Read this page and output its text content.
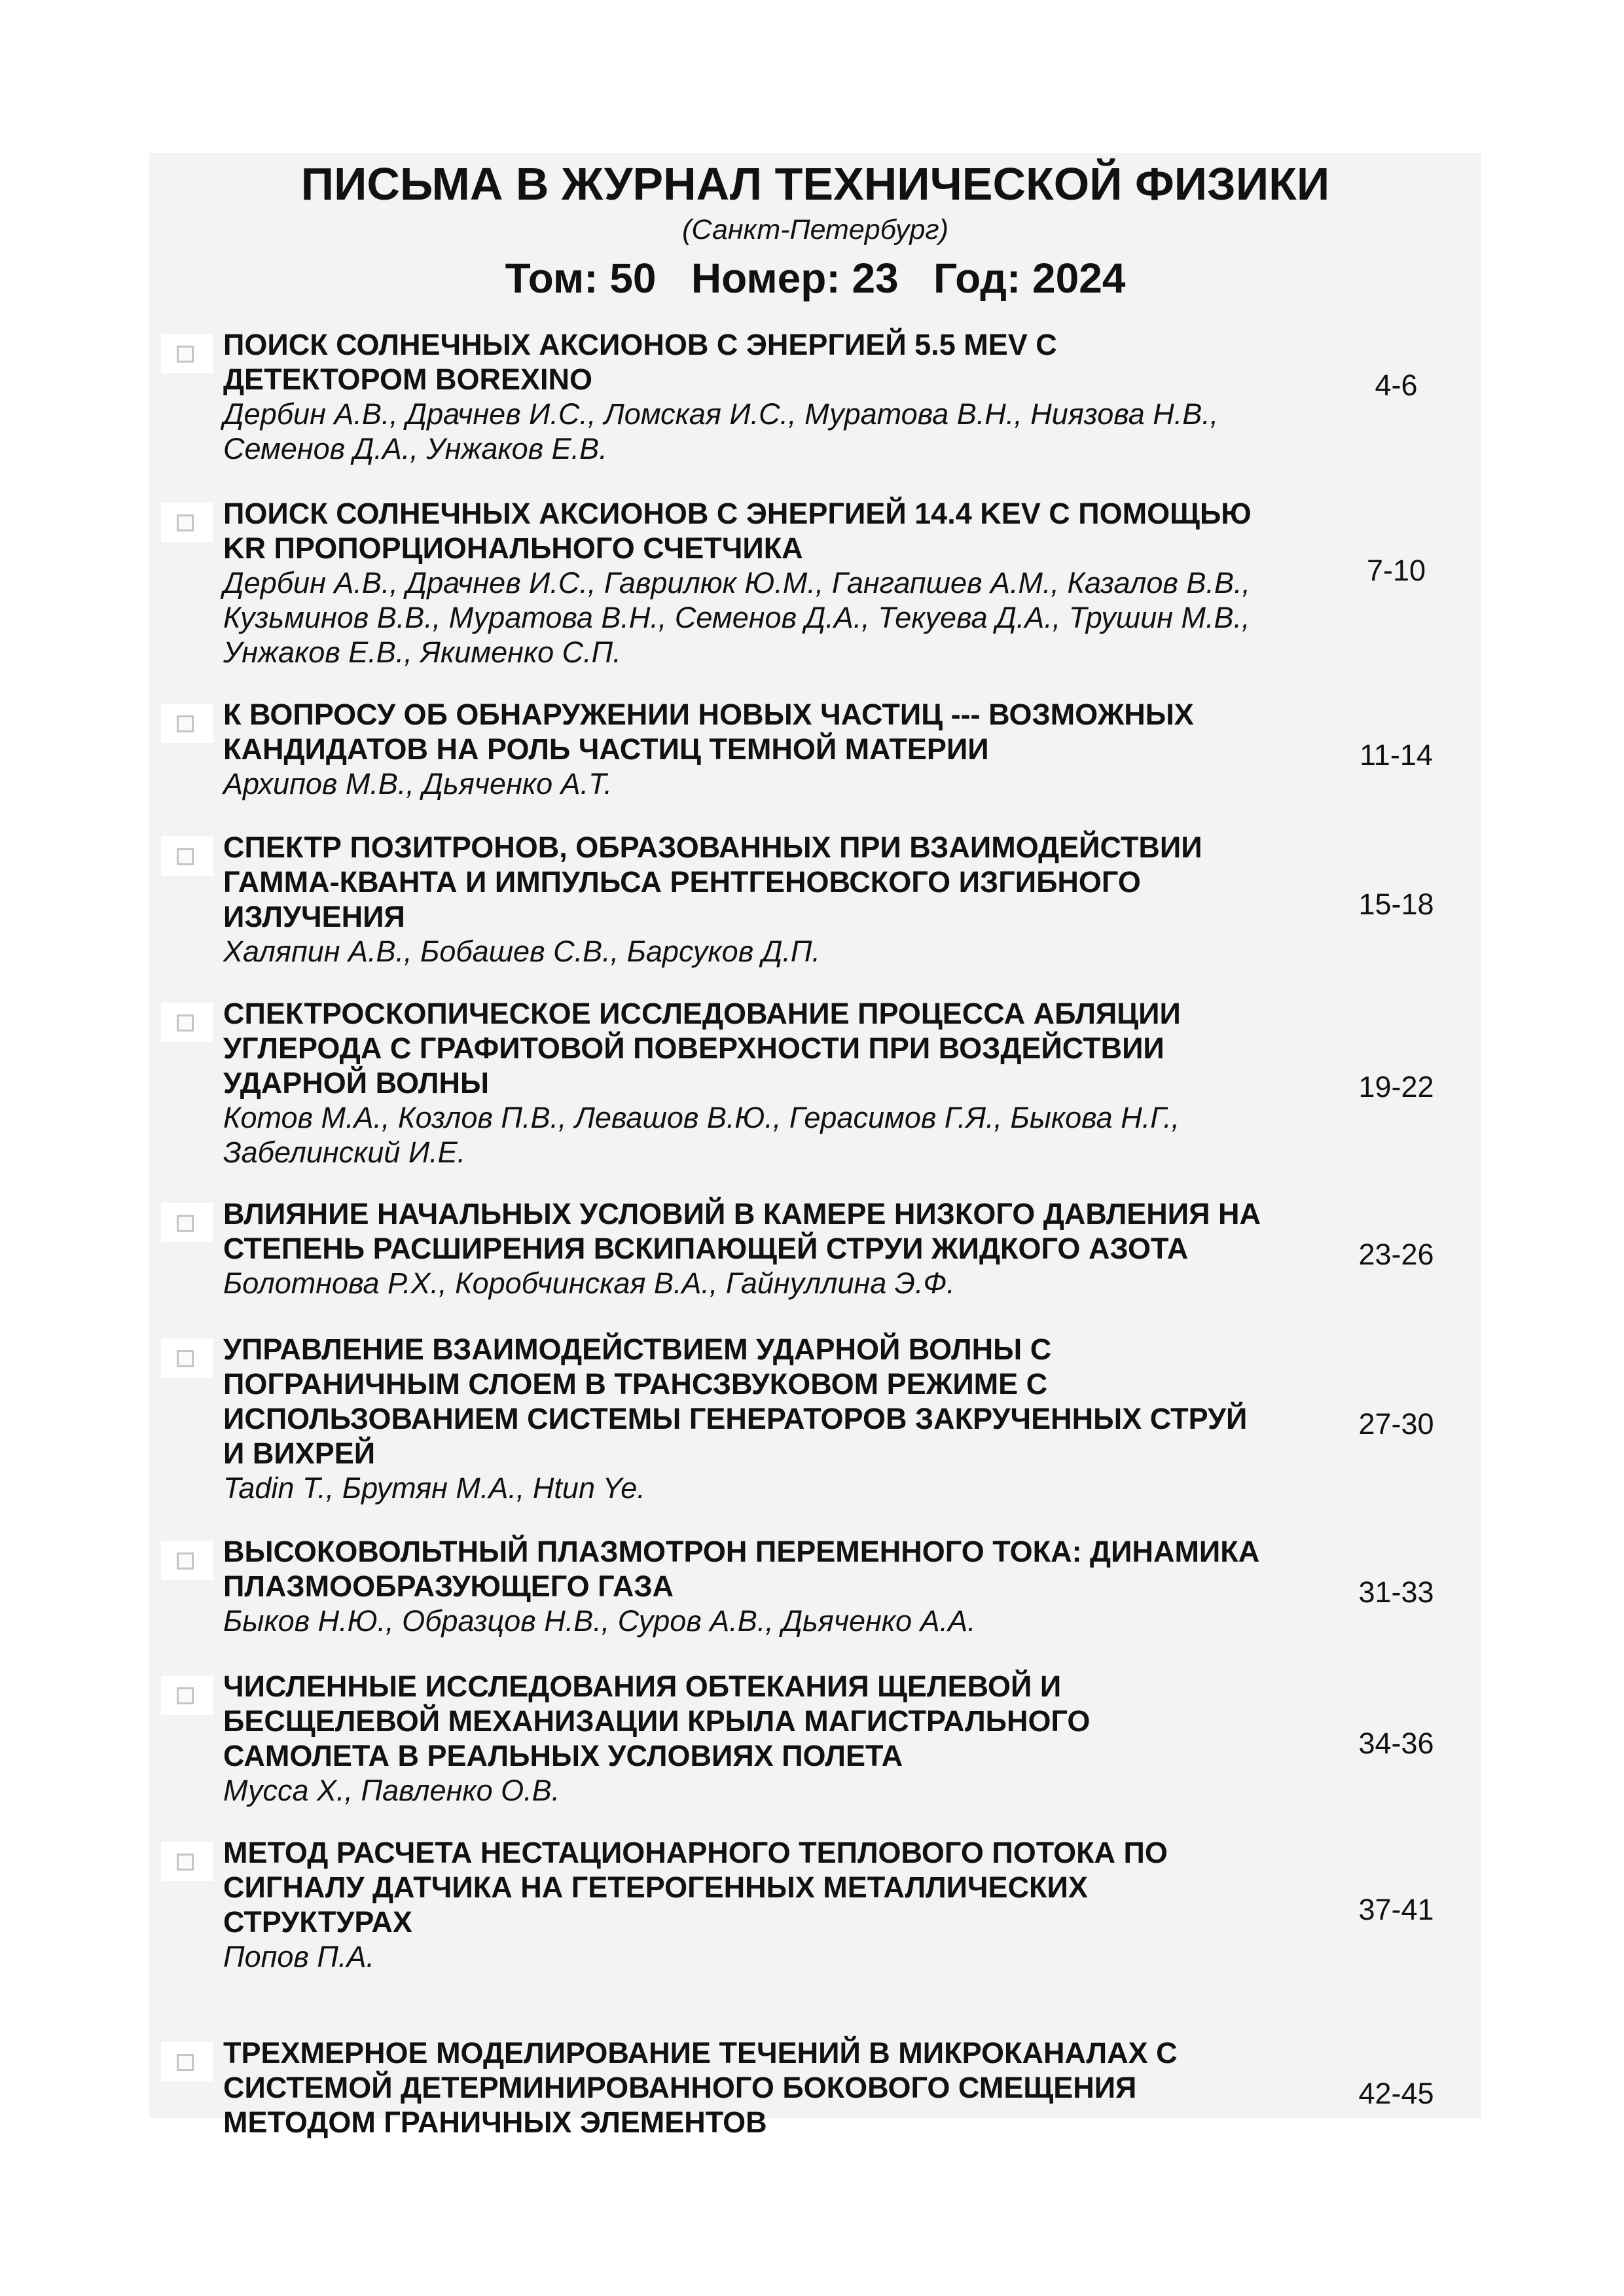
ПИСЬМА В ЖУРНАЛ ТЕХНИЧЕСКОЙ ФИЗИКИ
(Санкт-Петербург)
Том: 50   Номер: 23   Год: 2024
ПОИСК СОЛНЕЧНЫХ АКСИОНОВ С ЭНЕРГИЕЙ 5.5 MEV С
ДЕТЕКТОРОМ BOREXINO
Дербин А.В., Драчнев И.С., Ломская И.С., Муратова В.Н., Ниязова Н.В.,
Семенов Д.А., Унжаков Е.В.
4-6
ПОИСК СОЛНЕЧНЫХ АКСИОНОВ С ЭНЕРГИЕЙ 14.4 KEV С ПОМОЩЬЮ
KR ПРОПОРЦИОНАЛЬНОГО СЧЕТЧИКА
Дербин А.В., Драчнев И.С., Гаврилюк Ю.М., Гангапшев А.М., Казалов В.В.,
Кузьминов В.В., Муратова В.Н., Семенов Д.А., Текуева Д.А., Трушин М.В.,
Унжаков Е.В., Якименко С.П.
7-10
К ВОПРОСУ ОБ ОБНАРУЖЕНИИ НОВЫХ ЧАСТИЦ --- ВОЗМОЖНЫХ
КАНДИДАТОВ НА РОЛЬ ЧАСТИЦ ТЕМНОЙ МАТЕРИИ
Архипов М.В., Дьяченко А.Т.
11-14
СПЕКТР ПОЗИТРОНОВ, ОБРАЗОВАННЫХ ПРИ ВЗАИМОДЕЙСТВИИ
ГАММА-КВАНТА И ИМПУЛЬСА РЕНТГЕНОВСКОГО ИЗГИБНОГО
ИЗЛУЧЕНИЯ
Халяпин А.В., Бобашев С.В., Барсуков Д.П.
15-18
СПЕКТРОСКОПИЧЕСКОЕ ИССЛЕДОВАНИЕ ПРОЦЕССА АБЛЯЦИИ
УГЛЕРОДА С ГРАФИТОВОЙ ПОВЕРХНОСТИ ПРИ ВОЗДЕЙСТВИИ
УДАРНОЙ ВОЛНЫ
Котов М.А., Козлов П.В., Левашов В.Ю., Герасимов Г.Я., Быкова Н.Г.,
Забелинский И.Е.
19-22
ВЛИЯНИЕ НАЧАЛЬНЫХ УСЛОВИЙ В КАМЕРЕ НИЗКОГО ДАВЛЕНИЯ НА
СТЕПЕНЬ РАСШИРЕНИЯ ВСКИПАЮЩЕЙ СТРУИ ЖИДКОГО АЗОТА
Болотнова Р.Х., Коробчинская В.А., Гайнуллина Э.Ф.
23-26
УПРАВЛЕНИЕ ВЗАИМОДЕЙСТВИЕМ УДАРНОЙ ВОЛНЫ С
ПОГРАНИЧНЫМ СЛОЕМ В ТРАНСЗВУКОВОМ РЕЖИМЕ С
ИСПОЛЬЗОВАНИЕМ СИСТЕМЫ ГЕНЕРАТОРОВ ЗАКРУЧЕННЫХ СТРУЙ
И ВИХРЕЙ
Tadin T., Брутян М.А., Htun Ye.
27-30
ВЫСОКОВОЛЬТНЫЙ ПЛАЗМОТРОН ПЕРЕМЕННОГО ТОКА: ДИНАМИКА
ПЛАЗМООБРАЗУЮЩЕГО ГАЗА
Быков Н.Ю., Образцов Н.В., Суров А.В., Дьяченко А.А.
31-33
ЧИСЛЕННЫЕ ИССЛЕДОВАНИЯ ОБТЕКАНИЯ ЩЕЛЕВОЙ И
БЕСЩЕЛЕВОЙ МЕХАНИЗАЦИИ КРЫЛА МАГИСТРАЛЬНОГО
САМОЛЕТА В РЕАЛЬНЫХ УСЛОВИЯХ ПОЛЕТА
Мусса Х., Павленко О.В.
34-36
МЕТОД РАСЧЕТА НЕСТАЦИОНАРНОГО ТЕПЛОВОГО ПОТОКА ПО
СИГНАЛУ ДАТЧИКА НА ГЕТЕРОГЕННЫХ МЕТАЛЛИЧЕСКИХ
СТРУКТУРАХ
Попов П.А.
37-41
ТРЕХМЕРНОЕ МОДЕЛИРОВАНИЕ ТЕЧЕНИЙ В МИКРОКАНАЛАХ С
СИСТЕМОЙ ДЕТЕРМИНИРОВАННОГО БОКОВОГО СМЕЩЕНИЯ
МЕТОДОМ ГРАНИЧНЫХ ЭЛЕМЕНТОВ
42-45
